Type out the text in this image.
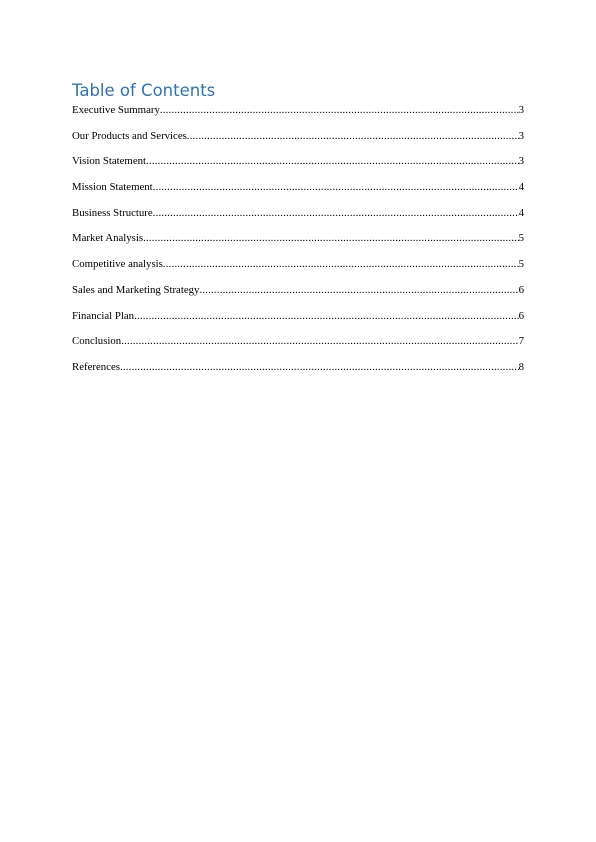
Table of Contents
Executive Summary .....	3
Our Products and Services .....	3
Vision Statement .....	3
Mission Statement .....	4
Business Structure .....	4
Market Analysis .....	5
Competitive analysis .....	5
Sales and Marketing Strategy .....	6
Financial Plan .....	6
Conclusion .....	7
References .....	8
